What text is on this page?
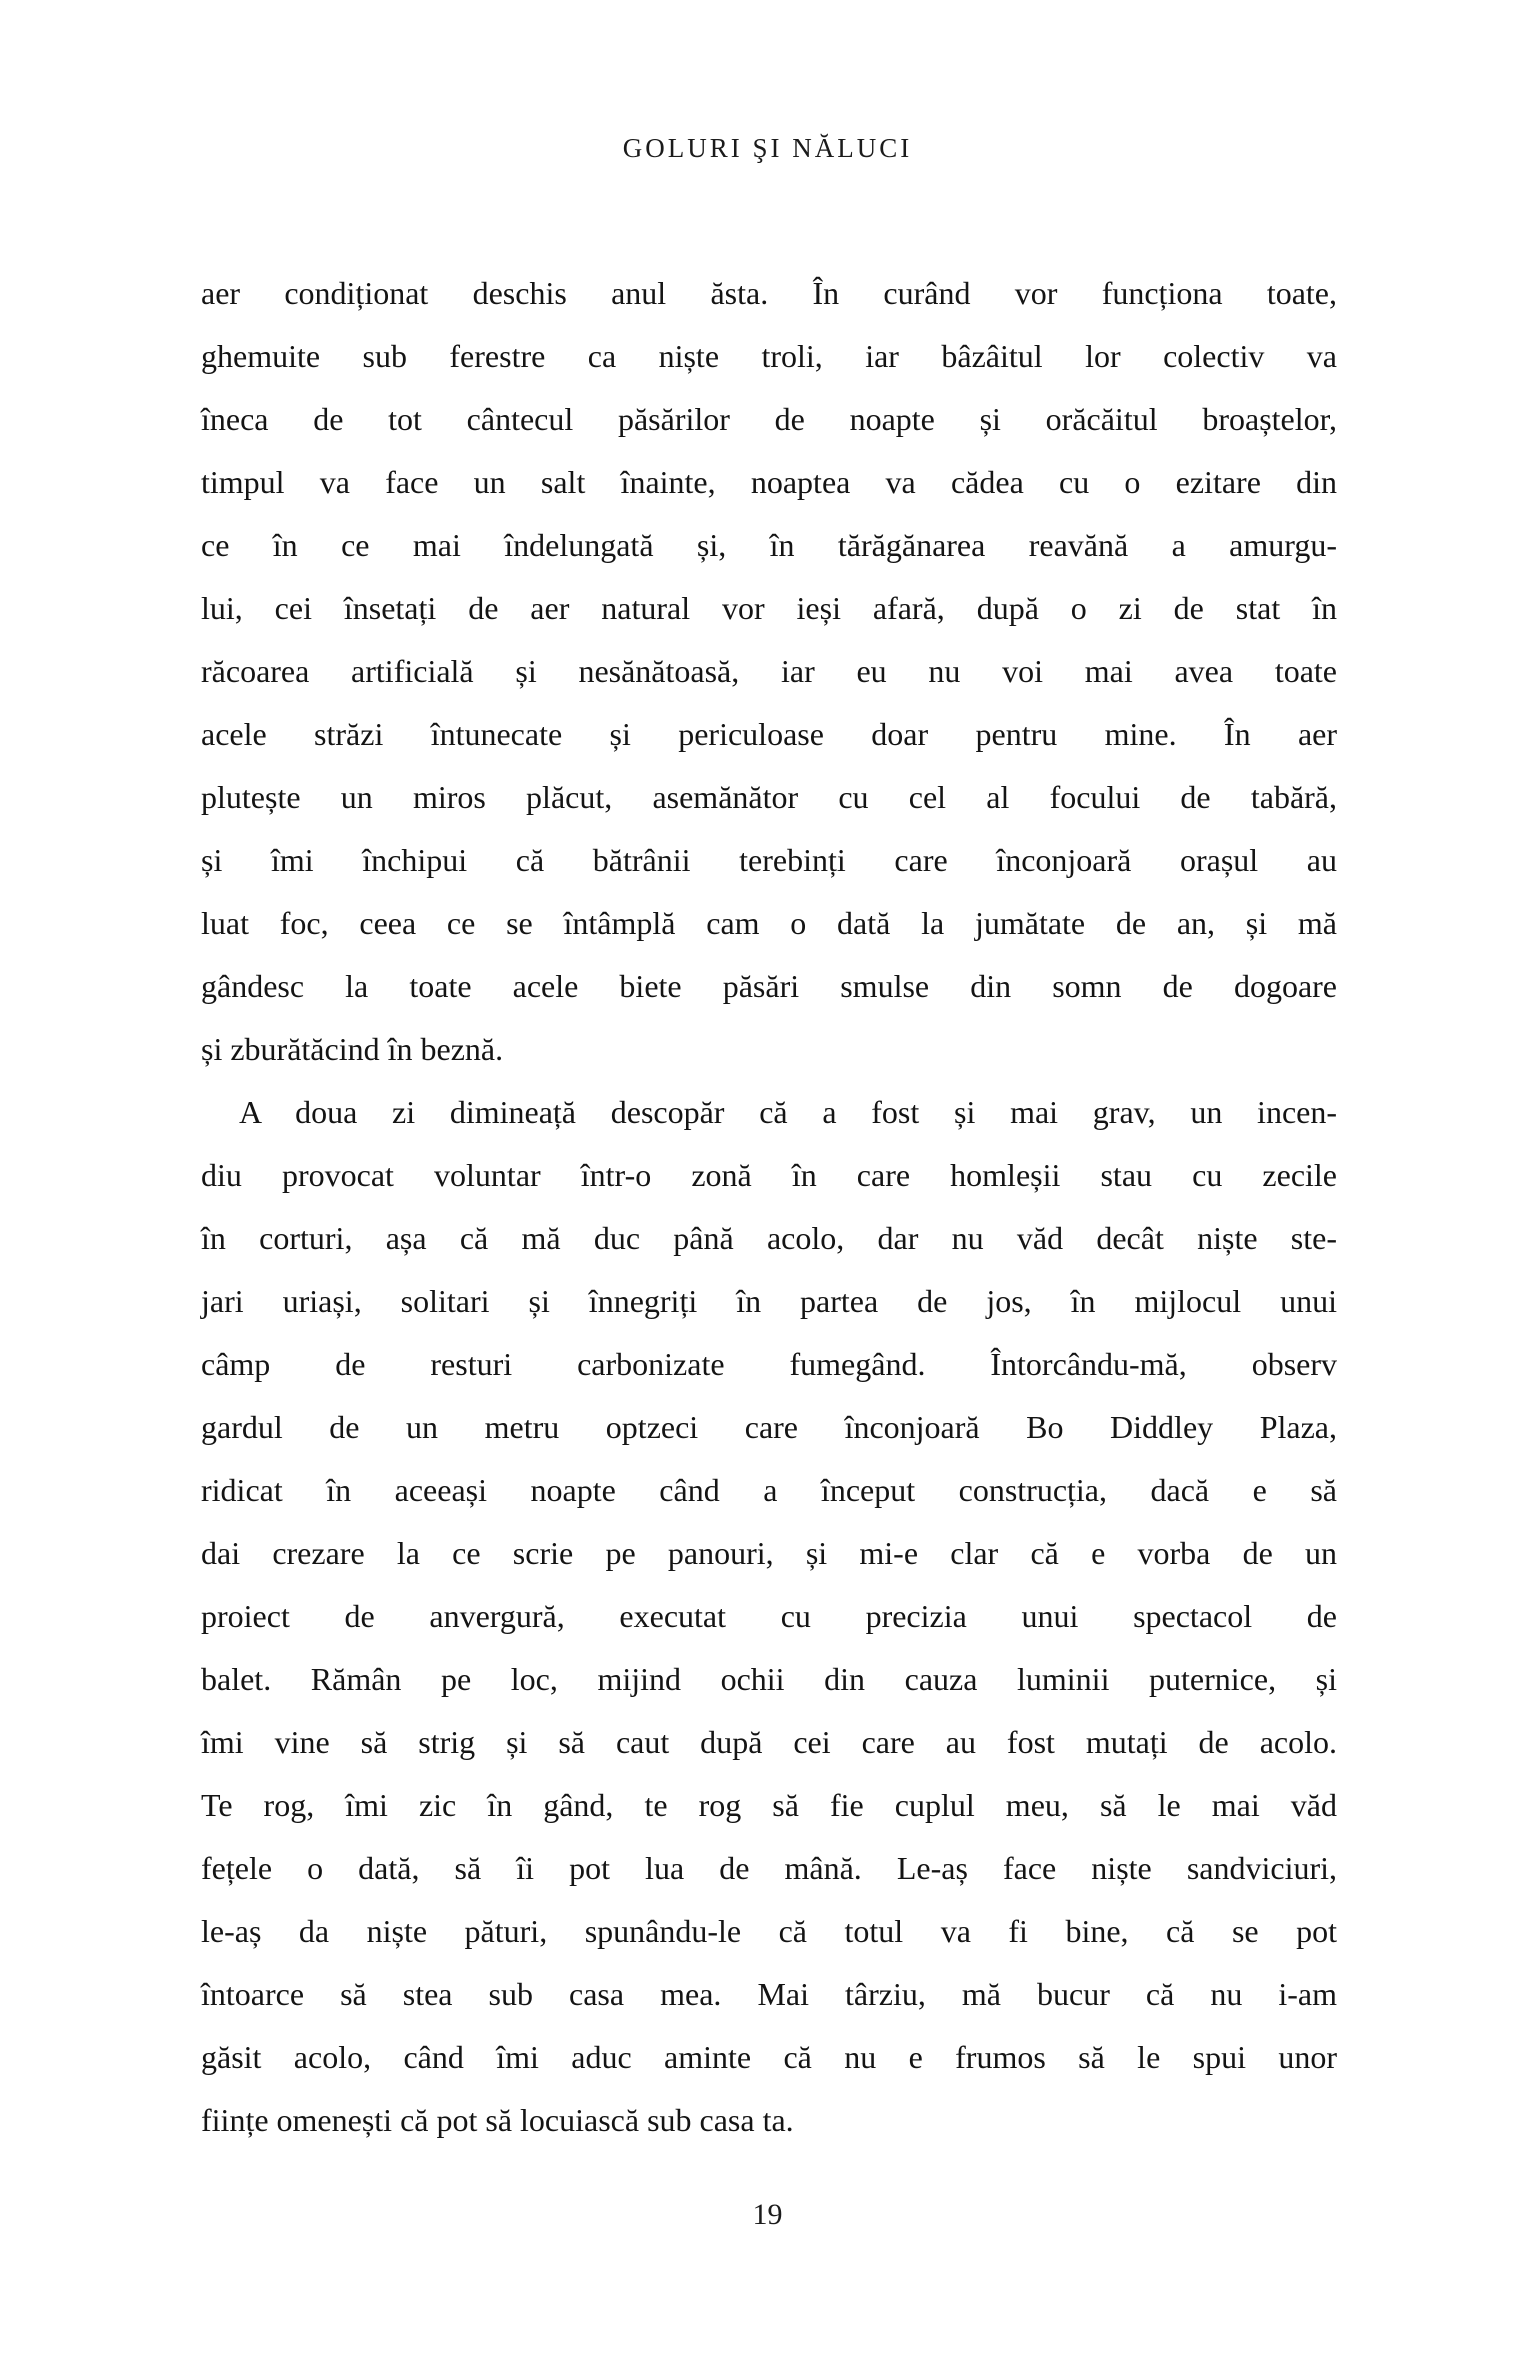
GOLURI ŞI NĂLUCI
aer condiționat deschis anul ăsta. În curând vor funcționa toate,
ghemuite sub ferestre ca niște troli, iar bâzâitul lor colectiv va
îneca de tot cântecul păsărilor de noapte și orăcăitul broaștelor,
timpul va face un salt înainte, noaptea va cădea cu o ezitare din
ce în ce mai îndelungată și, în tărăgănarea reavănă a amurgu-
lui, cei însetați de aer natural vor ieși afară, după o zi de stat în
răcoarea artificială și nesănătoasă, iar eu nu voi mai avea toate
acele străzi întunecate și periculoase doar pentru mine. În aer
plutește un miros plăcut, asemănător cu cel al focului de tabără,
și îmi închipui că bătrânii terebinți care înconjoară orașul au
luat foc, ceea ce se întâmplă cam o dată la jumătate de an, și mă
gândesc la toate acele biete păsări smulse din somn de dogoare
și zburătăcind în beznă.
A doua zi dimineață descopăr că a fost și mai grav, un incen-
diu provocat voluntar într-o zonă în care homleșii stau cu zecile
în corturi, așa că mă duc până acolo, dar nu văd decât niște ste-
jari uriași, solitari și înnegriți în partea de jos, în mijlocul unui
câmp de resturi carbonizate fumegând. Întorcându-mă, observ
gardul de un metru optzeci care înconjoară Bo Diddley Plaza,
ridicat în aceeași noapte când a început construcția, dacă e să
dai crezare la ce scrie pe panouri, și mi-e clar că e vorba de un
proiect de anvergură, executat cu precizia unui spectacol de
balet. Rămân pe loc, mijind ochii din cauza luminii puternice, și
îmi vine să strig și să caut după cei care au fost mutați de acolo.
Te rog, îmi zic în gând, te rog să fie cuplul meu, să le mai văd
fețele o dată, să îi pot lua de mână. Le-aș face niște sandviciuri,
le-aș da niște pături, spunându-le că totul va fi bine, că se pot
întoarce să stea sub casa mea. Mai târziu, mă bucur că nu i-am
găsit acolo, când îmi aduc aminte că nu e frumos să le spui unor
ființe omenești că pot să locuiască sub casa ta.
19
